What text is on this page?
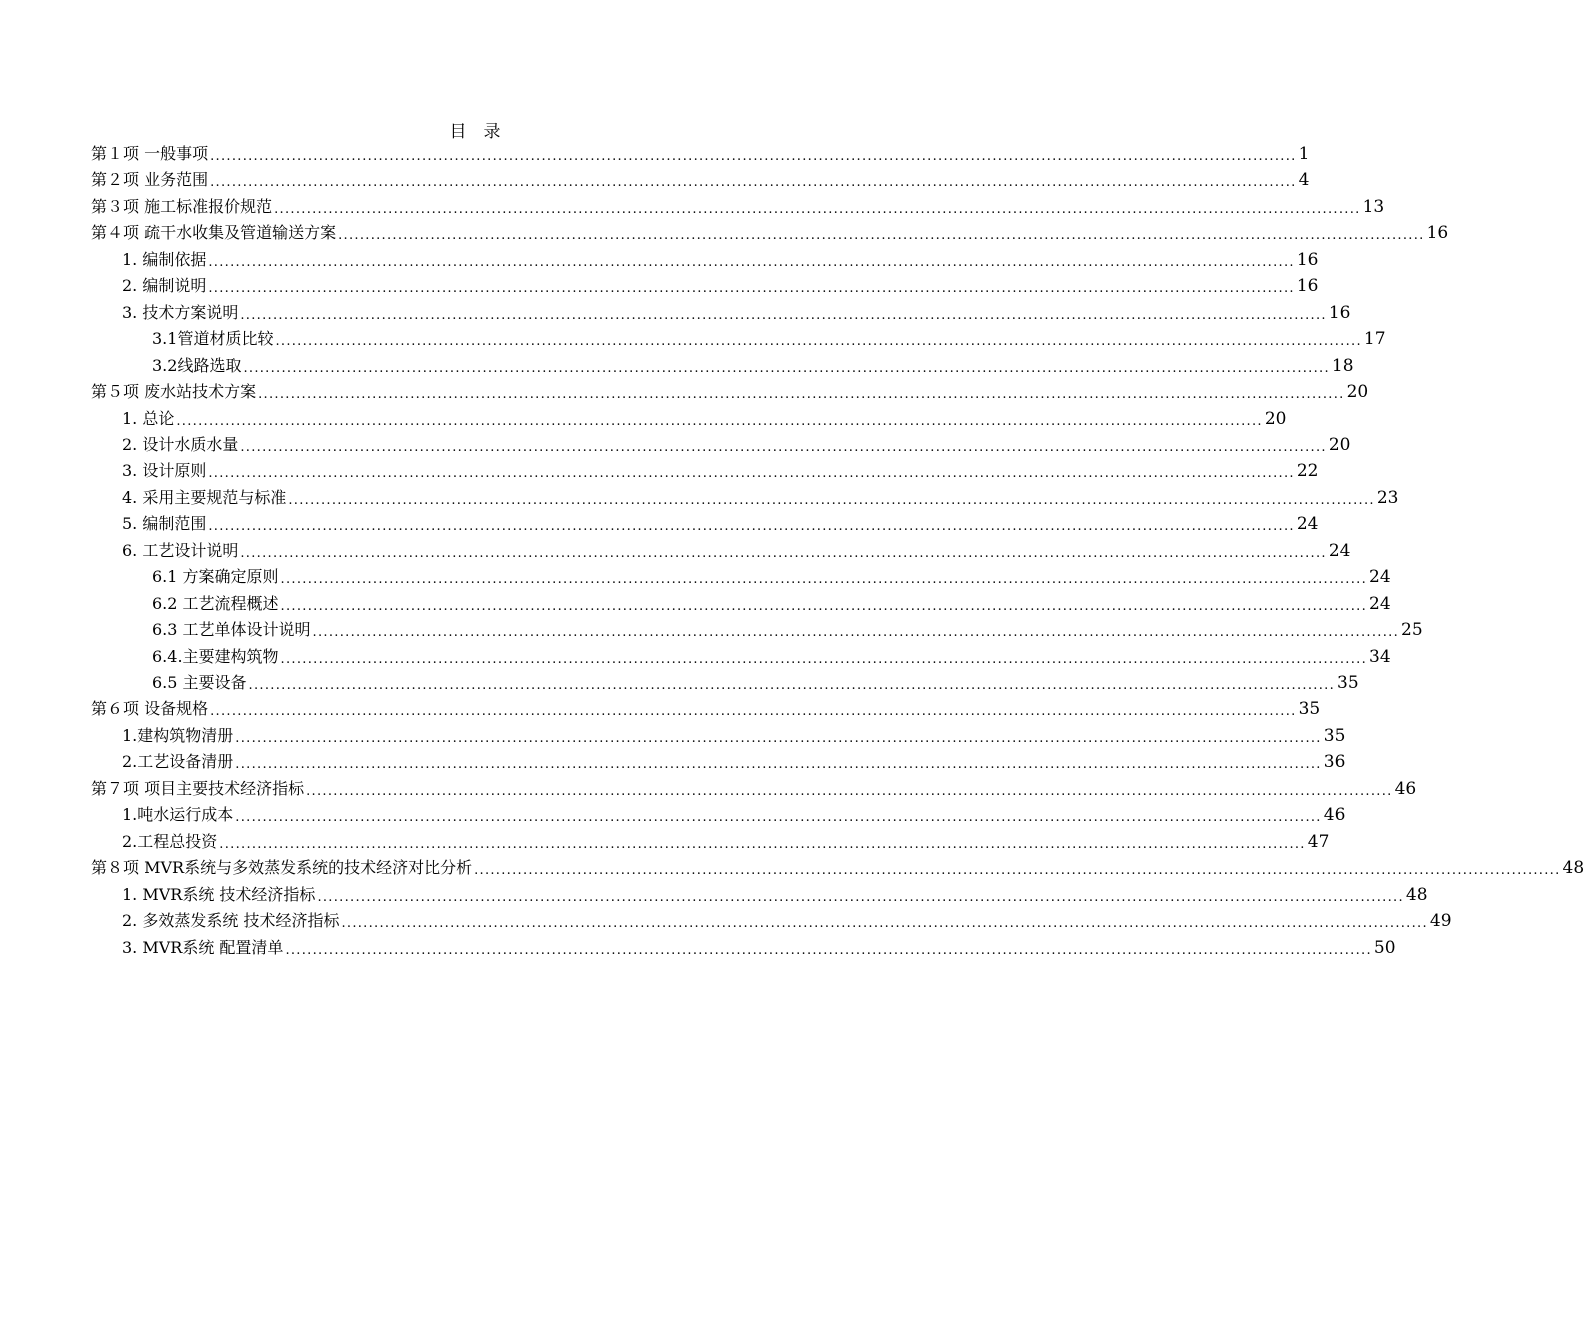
目　录
第１项 一般事项 ........................................................................................................................................................................................................ 1
第２项 业务范围 ........................................................................................................................................................................................................ 4
第３项 施工标准报价规范 ........................................................................................................................................................................................................ 13
第４项 疏干水收集及管道输送方案 ........................................................................................................................................................................................................ 16
1. 编制依据 ........................................................................................................................................................................................................ 16
2. 编制说明 ........................................................................................................................................................................................................ 16
3. 技术方案说明 ........................................................................................................................................................................................................ 16
3.1管道材质比较 ........................................................................................................................................................................................................ 17
3.2线路选取 ........................................................................................................................................................................................................ 18
第５项 废水站技术方案 ........................................................................................................................................................................................................ 20
1. 总论 ........................................................................................................................................................................................................ 20
2. 设计水质水量 ........................................................................................................................................................................................................ 20
3. 设计原则 ........................................................................................................................................................................................................ 22
4. 采用主要规范与标准 ........................................................................................................................................................................................................ 23
5. 编制范围 ........................................................................................................................................................................................................ 24
6. 工艺设计说明 ........................................................................................................................................................................................................ 24
6.1 方案确定原则 ........................................................................................................................................................................................................ 24
6.2 工艺流程概述 ........................................................................................................................................................................................................ 24
6.3 工艺单体设计说明 ........................................................................................................................................................................................................ 25
6.4.主要建构筑物 ........................................................................................................................................................................................................ 34
6.5 主要设备 ........................................................................................................................................................................................................ 35
第６项 设备规格 ........................................................................................................................................................................................................ 35
1.建构筑物清册 ........................................................................................................................................................................................................ 35
2.工艺设备清册 ........................................................................................................................................................................................................ 36
第７项 项目主要技术经济指标 ........................................................................................................................................................................................................ 46
1.吨水运行成本 ........................................................................................................................................................................................................ 46
2.工程总投资 ........................................................................................................................................................................................................ 47
第８项 MVR系统与多效蒸发系统的技术经济对比分析 ........................................................................................................................................................................................................ 48
1. MVR系统 技术经济指标 ........................................................................................................................................................................................................ 48
2. 多效蒸发系统 技术经济指标 ........................................................................................................................................................................................................ 49
3. MVR系统 配置清单 ........................................................................................................................................................................................................ 50
